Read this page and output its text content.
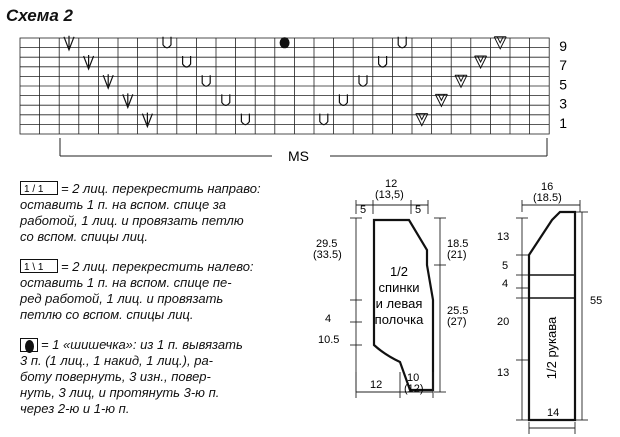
Схема 2
9
7
5
3
1
MS
1/2
спинки
и левая
полочка
12
(13,5)
5	5
29.5
(33.5)
4
10.5
18.5
(21)
25.5
(27)
12
10
(12)
1/2 рукава
16
(18.5)
13
5
4
20
13
55
14
1 / 1 = 2 лиц. перекрестить направо:
оставить 1 п. на вспом. спице за
работой, 1 лиц. и провязать петлю
со вспом. спицы лиц.
1 \ 1 = 2 лиц. перекрестить налево:
оставить 1 п. на вспом. спице пе-
ред работой, 1 лиц. и провязать
петлю со вспом. спицы лиц.
= 1 «шишечка»: из 1 п. вывязать
3 п. (1 лиц., 1 накид, 1 лиц.), ра-
боту повернуть, 3 изн., повер-
нуть, 3 лиц, и протянуть 3-ю п.
через 2-ю и 1-ю п.
